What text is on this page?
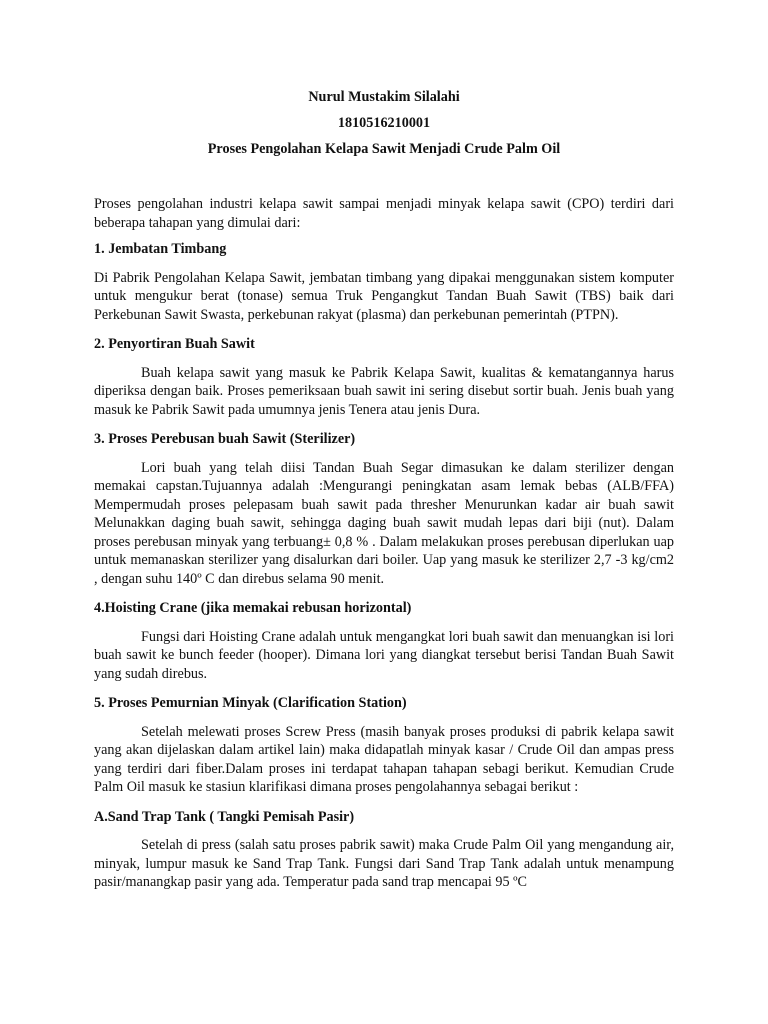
Nurul Mustakim Silalahi
1810516210001
Proses Pengolahan Kelapa Sawit Menjadi Crude Palm Oil

Proses pengolahan industri kelapa sawit sampai menjadi minyak kelapa sawit (CPO) terdiri dari beberapa tahapan yang dimulai dari:

1. Jembatan Timbang

Di Pabrik Pengolahan Kelapa Sawit, jembatan timbang yang dipakai menggunakan sistem komputer untuk mengukur berat (tonase) semua Truk Pengangkut Tandan Buah Sawit (TBS) baik dari Perkebunan Sawit Swasta, perkebunan rakyat (plasma) dan perkebunan pemerintah (PTPN).

2. Penyortiran Buah Sawit

Buah kelapa sawit yang masuk ke Pabrik Kelapa Sawit, kualitas & kematangannya harus diperiksa dengan baik. Proses pemeriksaan buah sawit ini sering disebut sortir buah. Jenis buah yang masuk ke Pabrik Sawit pada umumnya jenis Tenera atau jenis Dura.

3. Proses Perebusan buah Sawit (Sterilizer)

Lori buah yang telah diisi Tandan Buah Segar dimasukan ke dalam sterilizer dengan memakai capstan.Tujuannya adalah :Mengurangi peningkatan asam lemak bebas (ALB/FFA) Mempermudah proses pelepasam buah sawit pada thresher Menurunkan kadar air buah sawit Melunakkan daging buah sawit, sehingga daging buah sawit mudah lepas dari biji (nut). Dalam proses perebusan minyak yang terbuang± 0,8 % . Dalam melakukan proses perebusan diperlukan uap untuk memanaskan sterilizer yang disalurkan dari boiler. Uap yang masuk ke sterilizer 2,7 -3 kg/cm2 , dengan suhu 140º C dan direbus selama 90 menit.

4.Hoisting Crane (jika memakai rebusan horizontal)

Fungsi dari Hoisting Crane adalah untuk mengangkat lori buah sawit dan menuangkan isi lori buah sawit ke bunch feeder (hooper). Dimana lori yang diangkat tersebut berisi Tandan Buah Sawit yang sudah direbus.

5. Proses Pemurnian Minyak (Clarification Station)

Setelah melewati proses Screw Press (masih banyak proses produksi di pabrik kelapa sawit yang akan dijelaskan dalam artikel lain) maka didapatlah minyak kasar / Crude Oil dan ampas press yang terdiri dari fiber.Dalam proses ini terdapat tahapan tahapan sebagi berikut. Kemudian Crude Palm Oil masuk ke stasiun klarifikasi dimana proses pengolahannya sebagai berikut :

A.Sand Trap Tank ( Tangki Pemisah Pasir)

Setelah di press (salah satu proses pabrik sawit) maka Crude Palm Oil yang mengandung air, minyak, lumpur masuk ke Sand Trap Tank. Fungsi dari Sand Trap Tank adalah untuk menampung pasir/manangkap pasir yang ada. Temperatur pada sand trap mencapai 95 ºC
